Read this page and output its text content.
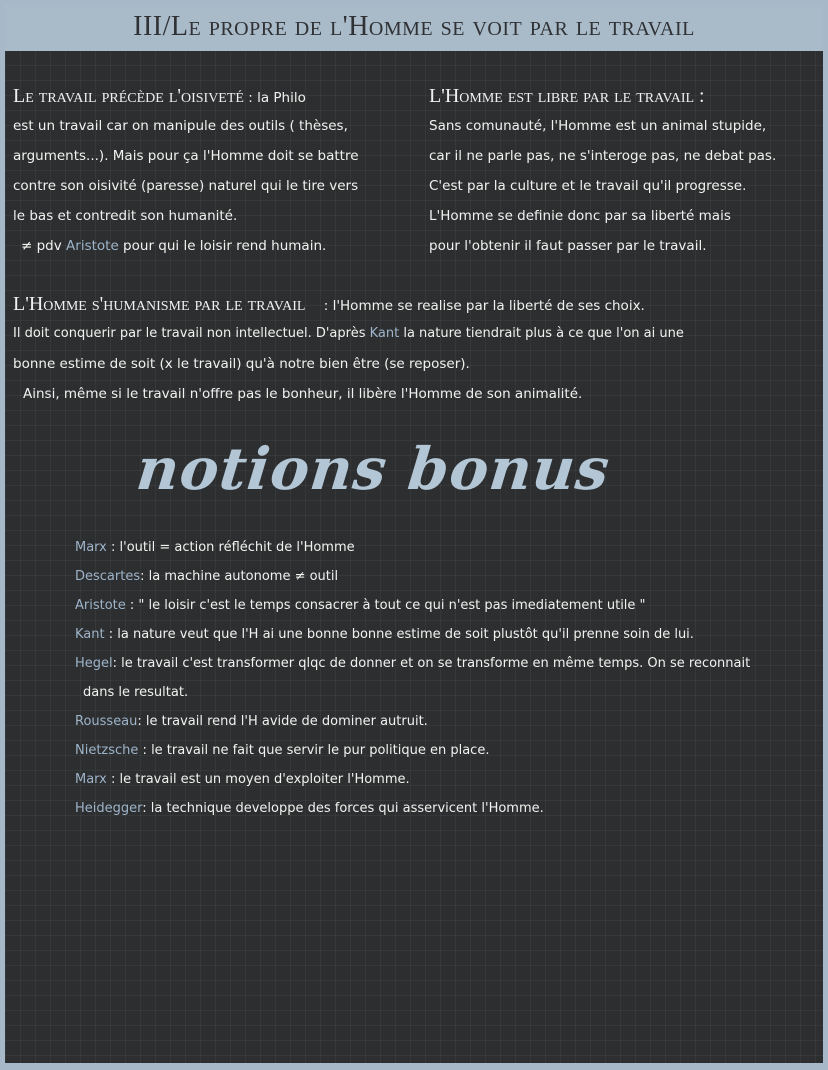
III/Le propre de l'Homme se voit par le travail
Le travail précède l'oisiveté : la Philo
est un travail car on manipule des outils ( thèses,
arguments...). Mais pour ça l'Homme doit se battre
contre son oisivité (paresse) naturel qui le tire vers
le bas et contredit son humanité.
≠ pdv Aristote pour qui le loisir rend humain.
L'Homme est libre par le travail :
Sans comunauté, l'Homme est un animal stupide,
car il ne parle pas, ne s'interoge pas, ne debat pas.
C'est par la culture et le travail qu'il progresse.
L'Homme se definie donc par sa liberté mais
pour l'obtenir il faut passer par le travail.
L'Homme s'humanisme par le travail : l'Homme se realise par la liberté de ses choix.
Il doit conquerir par le travail non intellectuel. D'après Kant la nature tiendrait plus à ce que l'on ai une
bonne estime de soit (x le travail) qu'à notre bien être (se reposer).
Ainsi, même si le travail n'offre pas le bonheur, il libère l'Homme de son animalité.
notions bonus
Marx : l'outil = action réfléchit de l'Homme
Descartes: la machine autonome ≠ outil
Aristote : " le loisir c'est le temps consacrer à tout ce qui n'est pas imediatement utile "
Kant : la nature veut que l'H ai une bonne bonne estime de soit plustôt qu'il prenne soin de lui.
Hegel: le travail c'est transformer qlqc de donner et on se transforme en même temps. On se reconnait
dans le resultat.
Rousseau: le travail rend l'H avide de dominer autruit.
Nietzsche : le travail ne fait que servir le pur politique en place.
Marx : le travail est un moyen d'exploiter l'Homme.
Heidegger: la technique developpe des forces qui asservicent l'Homme.
